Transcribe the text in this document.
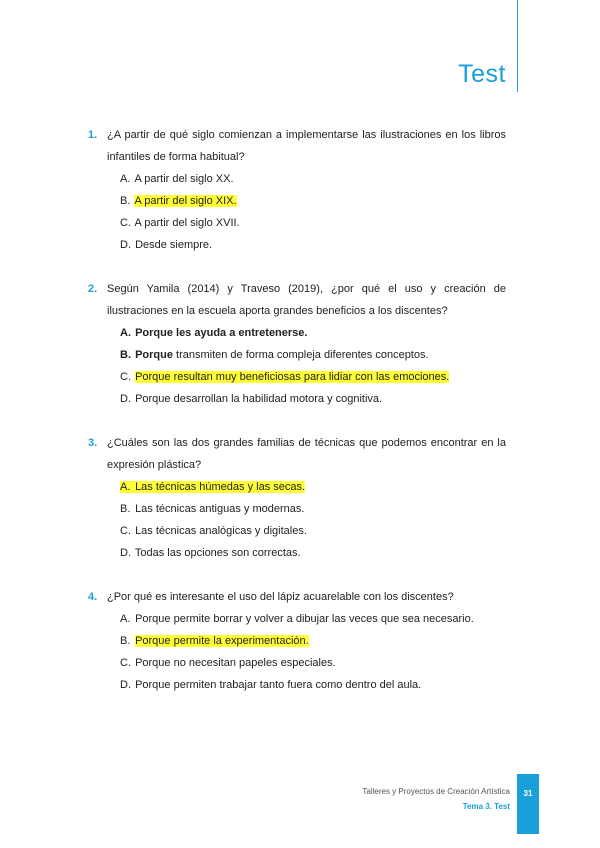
Test
1. ¿A partir de qué siglo comienzan a implementarse las ilustraciones en los libros infantiles de forma habitual?
A. A partir del siglo XX.
B. A partir del siglo XIX.
C. A partir del siglo XVII.
D. Desde siempre.
2. Según Yamila (2014) y Traveso (2019), ¿por qué el uso y creación de ilustraciones en la escuela aporta grandes beneficios a los discentes?
A. Porque les ayuda a entretenerse.
B. Porque transmiten de forma compleja diferentes conceptos.
C. Porque resultan muy beneficiosas para lidiar con las emociones.
D. Porque desarrollan la habilidad motora y cognitiva.
3. ¿Cuáles son las dos grandes familias de técnicas que podemos encontrar en la expresión plástica?
A. Las técnicas húmedas y las secas.
B. Las técnicas antiguas y modernas.
C. Las técnicas analógicas y digitales.
D. Todas las opciones son correctas.
4. ¿Por qué es interesante el uso del lápiz acuarelable con los discentes?
A. Porque permite borrar y volver a dibujar las veces que sea necesario.
B. Porque permite la experimentación.
C. Porque no necesitan papeles especiales.
D. Porque permiten trabajar tanto fuera como dentro del aula.
Talleres y Proyectos de Creación Artística
Tema 3. Test
31
